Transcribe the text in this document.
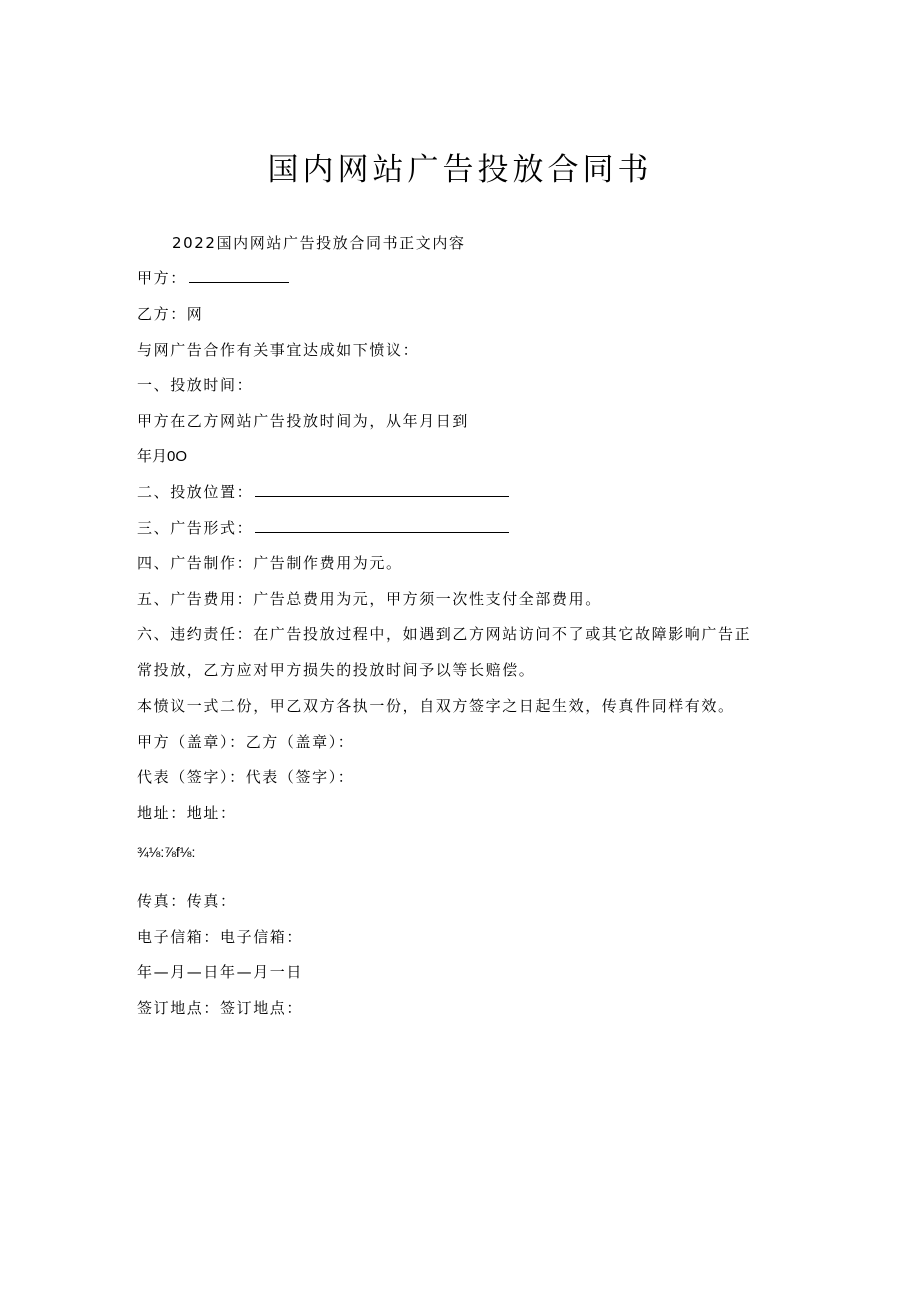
国内网站广告投放合同书
2022国内网站广告投放合同书正文内容
甲方：
乙方：网
与网广告合作有关事宜达成如下愤议：
一、投放时间：
甲方在乙方网站广告投放时间为，从年月日到
年月0O
二、投放位置：
三、广告形式：
四、广告制作：广告制作费用为元。
五、广告费用：广告总费用为元，甲方须一次性支付全部费用。
六、违约责任：在广告投放过程中，如遇到乙方网站访问不了或其它故障影响广告正
常投放，乙方应对甲方损失的投放时间予以等长赔偿。
本愤议一式二份，甲乙双方各执一份，自双方签字之日起生效，传真件同样有效。
甲方（盖章）：乙方（盖章）：
代表（签字）：代表（签字）：
地址：地址：
¾⅛:⅞f⅛:
传真：传真：
电子信箱：电子信箱：
年—月—日年—月一日
签订地点：签订地点：
